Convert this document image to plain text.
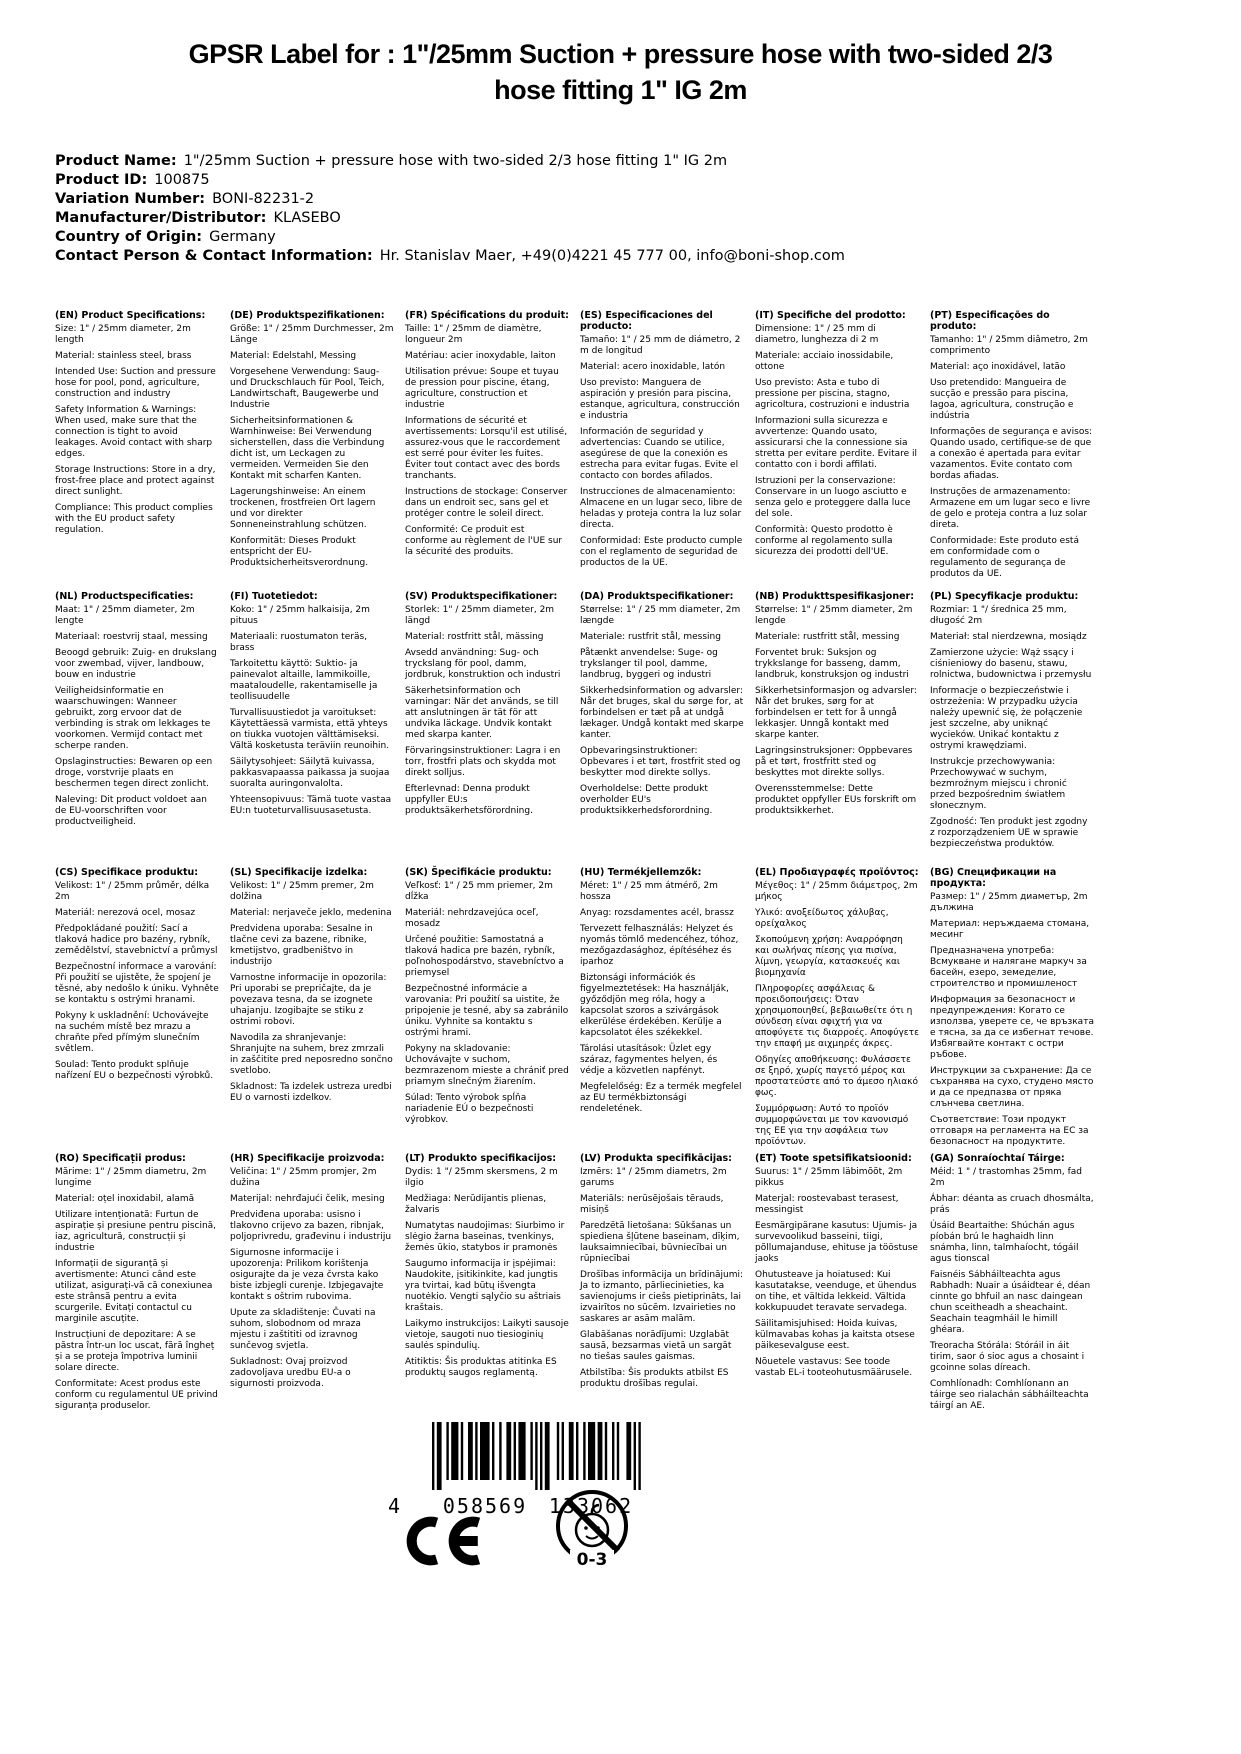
GPSR Label for : 1"/25mm Suction + pressure hose with two-sided 2/3
hose fitting 1" IG 2m
Product Name: 1"/25mm Suction + pressure hose with two-sided 2/3 hose fitting 1" IG 2m
Product ID: 100875
Variation Number: BONI-82231-2
Manufacturer/Distributor: KLASEBO
Country of Origin: Germany
Contact Person & Contact Information: Hr. Stanislav Maer, +49(0)4221 45 777 00, info@boni-shop.com
(EN) Product Specifications:

Size: 1" / 25mm diameter, 2m length

Material: stainless steel, brass

Intended Use: Suction and pressure hose for pool, pond, agriculture, construction and industry

Safety Information & Warnings: When used, make sure that the connection is tight to avoid leakages. Avoid contact with sharp edges.

Storage Instructions: Store in a dry, frost-free place and protect against direct sunlight.

Compliance: This product complies with the EU product safety regulation.

(DE) Produktspezifikationen:

Größe: 1" / 25mm Durchmesser, 2m Länge

Material: Edelstahl, Messing

Vorgesehene Verwendung: Saug- und Druckschlauch für Pool, Teich, Landwirtschaft, Baugewerbe und Industrie

Sicherheitsinformationen & Warnhinweise: Bei Verwendung sicherstellen, dass die Verbindung dicht ist, um Leckagen zu vermeiden. Vermeiden Sie den Kontakt mit scharfen Kanten.

Lagerungshinweise: An einem trockenen, frostfreien Ort lagern und vor direkter Sonneneinstrahlung schützen.

Konformität: Dieses Produkt entspricht der EU-Produktsicherheitsverordnung.

(FR) Spécifications du produit:

Taille: 1" / 25mm de diamètre, longueur 2m

Matériau: acier inoxydable, laiton

Utilisation prévue: Soupe et tuyau de pression pour piscine, étang, agriculture, construction et industrie

Informations de sécurité et avertissements: Lorsqu'il est utilisé, assurez-vous que le raccordement est serré pour éviter les fuites. Éviter tout contact avec des bords tranchants.

Instructions de stockage: Conserver dans un endroit sec, sans gel et protéger contre le soleil direct.

Conformité: Ce produit est conforme au règlement de l'UE sur la sécurité des produits.

(ES) Especificaciones del producto:

Tamaño: 1" / 25 mm de diámetro, 2 m de longitud

Material: acero inoxidable, latón

Uso previsto: Manguera de aspiración y presión para piscina, estanque, agricultura, construcción e industria

Información de seguridad y advertencias: Cuando se utilice, asegúrese de que la conexión es estrecha para evitar fugas. Evite el contacto con bordes afilados.

Instrucciones de almacenamiento: Almacene en un lugar seco, libre de heladas y proteja contra la luz solar directa.

Conformidad: Este producto cumple con el reglamento de seguridad de productos de la UE.

(IT) Specifiche del prodotto:

Dimensione: 1" / 25 mm di diametro, lunghezza di 2 m

Materiale: acciaio inossidabile, ottone

Uso previsto: Asta e tubo di pressione per piscina, stagno, agricoltura, costruzioni e industria

Informazioni sulla sicurezza e avvertenze: Quando usato, assicurarsi che la connessione sia stretta per evitare perdite. Evitare il contatto con i bordi affilati.

Istruzioni per la conservazione: Conservare in un luogo asciutto e senza gelo e proteggere dalla luce del sole.

Conformità: Questo prodotto è conforme al regolamento sulla sicurezza dei prodotti dell'UE.

(PT) Especificações do produto:

Tamanho: 1" / 25mm diâmetro, 2m comprimento

Material: aço inoxidável, latão

Uso pretendido: Mangueira de sucção e pressão para piscina, lagoa, agricultura, construção e indústria

Informações de segurança e avisos: Quando usado, certifique-se de que a conexão é apertada para evitar vazamentos. Evite contato com bordas afiadas.

Instruções de armazenamento: Armazene em um lugar seco e livre de gelo e proteja contra a luz solar direta.

Conformidade: Este produto está em conformidade com o regulamento de segurança de produtos da UE.

(NL) Productspecificaties:

Maat: 1" / 25mm diameter, 2m lengte

Materiaal: roestvrij staal, messing

Beoogd gebruik: Zuig- en drukslang voor zwembad, vijver, landbouw, bouw en industrie

Veiligheidsinformatie en waarschuwingen: Wanneer gebruikt, zorg ervoor dat de verbinding is strak om lekkages te voorkomen. Vermijd contact met scherpe randen.

Opslaginstructies: Bewaren op een droge, vorstvrije plaats en beschermen tegen direct zonlicht.

Naleving: Dit product voldoet aan de EU-voorschriften voor productveiligheid.

(FI) Tuotetiedot:

Koko: 1" / 25mm halkaisija, 2m pituus

Materiaali: ruostumaton teräs, brass

Tarkoitettu käyttö: Suktio- ja painevalot altaille, lammikoille, maataloudelle, rakentamiselle ja teollisuudelle

Turvallisuustiedot ja varoitukset: Käytettäessä varmista, että yhteys on tiukka vuotojen välttämiseksi. Vältä kosketusta teräviin reunoihin.

Säilytysohjeet: Säilytä kuivassa, pakkasvapaassa paikassa ja suojaa suoralta auringonvalolta.

Yhteensopivuus: Tämä tuote vastaa EU:n tuoteturvallisuusasetusta.

(SV) Produktspecifikationer:

Storlek: 1" / 25mm diameter, 2m längd

Material: rostfritt stål, mässing

Avsedd användning: Sug- och tryckslang för pool, damm, jordbruk, konstruktion och industri

Säkerhetsinformation och varningar: När det används, se till att anslutningen är tät för att undvika läckage. Undvik kontakt med skarpa kanter.

Förvaringsinstruktioner: Lagra i en torr, frostfri plats och skydda mot direkt solljus.

Efterlevnad: Denna produkt uppfyller EU:s produktsäkerhetsförordning.

(DA) Produktspecifikationer:

Størrelse: 1" / 25 mm diameter, 2m længde

Materiale: rustfrit stål, messing

Påtænkt anvendelse: Suge- og trykslanger til pool, damme, landbrug, byggeri og industri

Sikkerhedsinformation og advarsler: Når det bruges, skal du sørge for, at forbindelsen er tæt på at undgå lækager. Undgå kontakt med skarpe kanter.

Opbevaringsinstruktioner: Opbevares i et tørt, frostfrit sted og beskytter mod direkte sollys.

Overholdelse: Dette produkt overholder EU's produktsikkerhedsforordning.

(NB) Produkttspesifikasjoner:

Størrelse: 1" / 25mm diameter, 2m lengde

Materiale: rustfritt stål, messing

Forventet bruk: Suksjon og trykkslange for basseng, damm, landbruk, konstruksjon og industri

Sikkerhetsinformasjon og advarsler: Når det brukes, sørg for at forbindelsen er tett for å unngå lekkasjer. Unngå kontakt med skarpe kanter.

Lagringsinstruksjoner: Oppbevares på et tørt, frostfritt sted og beskyttes mot direkte sollys.

Overensstemmelse: Dette produktet oppfyller EUs forskrift om produktsikkerhet.

(PL) Specyfikacje produktu:

Rozmiar: 1 "/ średnica 25 mm, długość 2m

Materiał: stal nierdzewna, mosiądz

Zamierzone użycie: Wąż ssący i ciśnieniowy do basenu, stawu, rolnictwa, budownictwa i przemysłu

Informacje o bezpieczeństwie i ostrzeżenia: W przypadku użycia należy upewnić się, że połączenie jest szczelne, aby uniknąć wycieków. Unikać kontaktu z ostrymi krawędziami.

Instrukcje przechowywania: Przechowywać w suchym, bezmroźnym miejscu i chronić przed bezpośrednim światłem słonecznym.

Zgodność: Ten produkt jest zgodny z rozporządzeniem UE w sprawie bezpieczeństwa produktów.

(CS) Specifikace produktu:

Velikost: 1" / 25mm průměr, délka 2m

Materiál: nerezová ocel, mosaz

Předpokládané použití: Sací a tlaková hadice pro bazény, rybník, zemědělství, stavebnictví a průmysl

Bezpečnostní informace a varování: Při použití se ujistěte, že spojení je těsné, aby nedošlo k úniku. Vyhněte se kontaktu s ostrými hranami.

Pokyny k uskladnění: Uchovávejte na suchém místě bez mrazu a chraňte před přímým slunečním světlem.

Soulad: Tento produkt splňuje nařízení EU o bezpečnosti výrobků.

(SL) Specifikacije izdelka:

Velikost: 1" / 25mm premer, 2m dolžina

Material: nerjaveče jeklo, medenina

Predvidena uporaba: Sesalne in tlačne cevi za bazene, ribnike, kmetijstvo, gradbeništvo in industrijo

Varnostne informacije in opozorila: Pri uporabi se prepričajte, da je povezava tesna, da se izognete uhajanju. Izogibajte se stiku z ostrimi robovi.

Navodila za shranjevanje: Shranjujte na suhem, brez zmrzali in zaščitite pred neposredno sončno svetlobo.

Skladnost: Ta izdelek ustreza uredbi EU o varnosti izdelkov.

(SK) Špecifikácie produktu:

Veľkosť: 1" / 25 mm priemer, 2m dĺžka

Materiál: nehrdzavejúca oceľ, mosadz

Určené použitie: Samostatná a tlaková hadica pre bazén, rybník, poľnohospodárstvo, stavebníctvo a priemysel

Bezpečnostné informácie a varovania: Pri použití sa uistite, že pripojenie je tesné, aby sa zabránilo úniku. Vyhnite sa kontaktu s ostrými hrami.

Pokyny na skladovanie: Uchovávajte v suchom, bezmrazenom mieste a chrániť pred priamym slnečným žiarením.

Súlad: Tento výrobok spĺňa nariadenie EÚ o bezpečnosti výrobkov.

(HU) Termékjellemzők:

Méret: 1" / 25 mm átmérő, 2m hossza

Anyag: rozsdamentes acél, brassz

Tervezett felhasználás: Helyzet és nyomás tömlő medencéhez, tóhoz, mezőgazdasághoz, építéséhez és iparhoz

Biztonsági információk és figyelmeztetések: Ha használják, győződjön meg róla, hogy a kapcsolat szoros a szivárgások elkerülése érdekében. Kerülje a kapcsolatot éles székekkel.

Tárolási utasítások: Üzlet egy száraz, fagymentes helyen, és védje a közvetlen napfényt.

Megfelelőség: Ez a termék megfelel az EU termékbiztonsági rendeletének.

(EL) Προδιαγραφές προϊόντος:

Μέγεθος: 1" / 25mm διάμετρος, 2m μήκος

Υλικό: ανοξείδωτος χάλυβας, ορείχαλκος

Σκοπούμενη χρήση: Αναρρόφηση και σωλήνας πίεσης για πισίνα, λίμνη, γεωργία, κατασκευές και βιομηχανία

Πληροφορίες ασφάλειας & προειδοποιήσεις: Όταν χρησιμοποιηθεί, βεβαιωθείτε ότι η σύνδεση είναι σφιχτή για να αποφύγετε τις διαρροές. Αποφύγετε την επαφή με αιχμηρές άκρες.

Οδηγίες αποθήκευσης: Φυλάσσετε σε ξηρό, χωρίς παγετό μέρος και προστατεύστε από το άμεσο ηλιακό φως.

Συμμόρφωση: Αυτό το προϊόν συμμορφώνεται με τον κανονισμό της ΕΕ για την ασφάλεια των προϊόντων.

(BG) Спецификации на продукта:

Размер: 1" / 25mm диаметър, 2m дължина

Материал: неръждаема стомана, месинг

Предназначена употреба: Всмукване и налягане маркуч за басейн, езеро, земеделие, строителство и промишленост

Информация за безопасност и предупреждения: Когато се използва, уверете се, че връзката е тясна, за да се избегнат течове. Избягвайте контакт с остри ръбове.

Инструкции за съхранение: Да се съхранява на сухо, студено място и да се предпазва от пряка слънчева светлина.

Съответствие: Този продукт отговаря на регламента на ЕС за безопасност на продуктите.

(RO) Specificații produs:

Mărime: 1" / 25mm diametru, 2m lungime

Material: oțel inoxidabil, alamă

Utilizare intenționată: Furtun de aspirație și presiune pentru piscină, iaz, agricultură, construcții și industrie

Informații de siguranță și avertismente: Atunci când este utilizat, asigurați-vă că conexiunea este strânsă pentru a evita scurgerile. Evitați contactul cu marginile ascuțite.

Instrucțiuni de depozitare: A se păstra într-un loc uscat, fără îngheț și a se proteja împotriva luminii solare directe.

Conformitate: Acest produs este conform cu regulamentul UE privind siguranța produselor.

(HR) Specifikacije proizvoda:

Veličina: 1" / 25mm promjer, 2m dužina

Materijal: nehrđajući čelik, mesing

Predviđena uporaba: usisno i tlakovno crijevo za bazen, ribnjak, poljoprivredu, građevinu i industriju

Sigurnosne informacije i upozorenja: Prilikom korištenja osigurajte da je veza čvrsta kako biste izbjegli curenje. Izbjegavajte kontakt s oštrim rubovima.

Upute za skladištenje: Čuvati na suhom, slobodnom od mraza mjestu i zaštititi od izravnog sunčevog svjetla.

Sukladnost: Ovaj proizvod zadovoljava uredbu EU-a o sigurnosti proizvoda.

(LT) Produkto specifikacijos:

Dydis: 1 "/ 25mm skersmens, 2 m ilgio

Medžiaga: Nerūdijantis plienas, žalvaris

Numatytas naudojimas: Siurbimo ir slėgio žarna baseinas, tvenkinys, žemės ūkio, statybos ir pramonės

Saugumo informacija ir įspėjimai: Naudokite, įsitikinkite, kad jungtis yra tvirtai, kad būtų išvengta nuotėkio. Vengti sąlyčio su aštriais kraštais.

Laikymo instrukcijos: Laikyti sausoje vietoje, saugoti nuo tiesioginių saulės spindulių.

Atitiktis: Šis produktas atitinka ES produktų saugos reglamentą.

(LV) Produkta specifikācijas:

Izmērs: 1" / 25mm diametrs, 2m garums

Materiāls: nerūsējošais tērauds, misiņš

Paredzētā lietošana: Sūkšanas un spiediena šļūtene baseinam, dīķim, lauksaimniecībai, būvniecībai un rūpniecībai

Drošības informācija un brīdinājumi: Ja to izmanto, pārliecinieties, ka savienojums ir ciešs pietiprināts, lai izvairītos no sūcēm. Izvairieties no saskares ar asām malām.

Glabāšanas norādījumi: Uzglabāt sausā, bezsarmas vietā un sargāt no tiešas saules gaismas.

Atbilstība: Šis produkts atbilst ES produktu drošības regulai.

(ET) Toote spetsifikatsioonid:

Suurus: 1" / 25mm läbimõõt, 2m pikkus

Materjal: roostevabast terasest, messingist

Eesmärgipärane kasutus: Ujumis- ja survevoolikud basseini, tiigi, põllumajanduse, ehituse ja tööstuse jaoks

Ohutusteave ja hoiatused: Kui kasutatakse, veenduge, et ühendus on tihe, et vältida lekkeid. Vältida kokkupuudet teravate servadega.

Säilitamisjuhised: Hoida kuivas, külmavabas kohas ja kaitsta otsese päikesevalguse eest.

Nõuetele vastavus: See toode vastab EL-i tooteohutusmäärusele.

(GA) Sonraíochtaí Táirge:

Méid: 1 " / trastomhas 25mm, fad 2m

Ábhar: déanta as cruach dhosmálta, prás

Úsáid Beartaithe: Shúchán agus píobán brú le haghaidh linn snámha, linn, talmhaíocht, tógáil agus tionscal

Faisnéis Sábháilteachta agus Rabhadh: Nuair a úsáidtear é, déan cinnte go bhfuil an nasc daingean chun sceitheadh a sheachaint. Seachain teagmháil le himill ghéara.

Treoracha Stórála: Stóráil in áit tirim, saor ó sioc agus a chosaint i gcoinne solas díreach.

Comhlíonadh: Comhlíonann an táirge seo rialachán sábháilteachta táirgí an AE.

4	058569	133062
0-3
